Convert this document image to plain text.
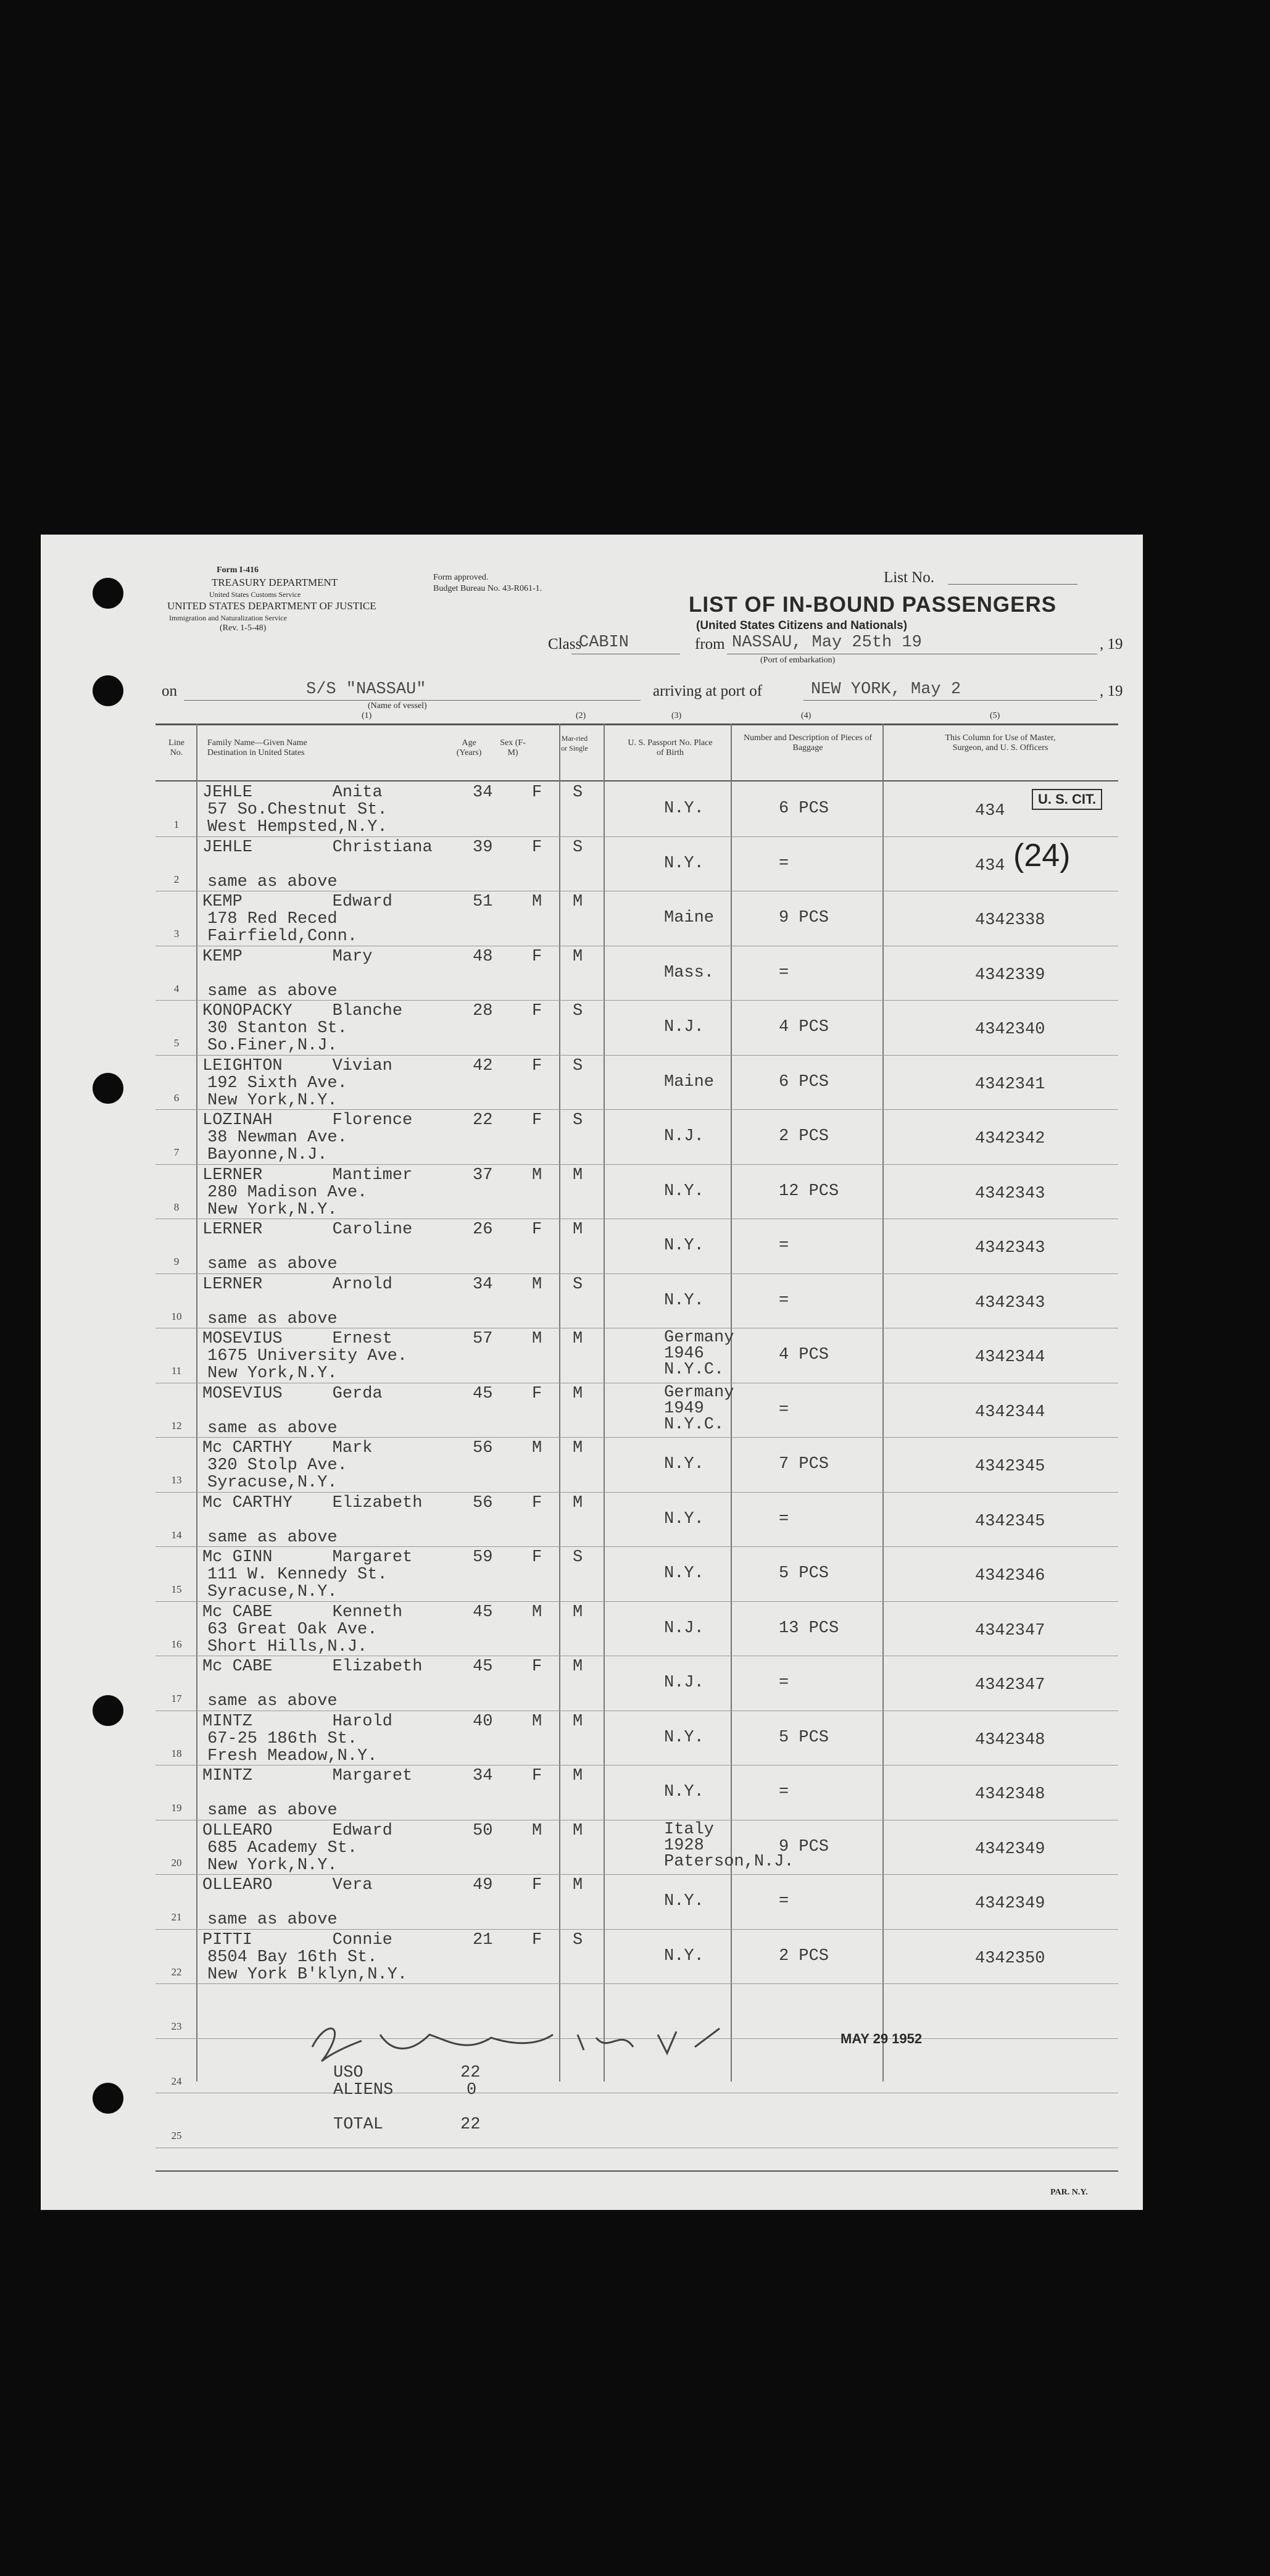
Form I-416
TREASURY DEPARTMENT
United States Customs Service
UNITED STATES DEPARTMENT OF JUSTICE
Immigration and Naturalization Service
(Rev. 1-5-48)
Form approved.
Budget Bureau No. 43-R061-1.
List No.
LIST OF IN-BOUND PASSENGERS
(United States Citizens and Nationals)
Class
CABIN	from NASSAU, May 25th 19	, 19
(Port of embarkation)
on	S/S "NASSAU"
(Name of vessel)
arriving at port of	NEW YORK, May 2	, 19
(1)	(2)	(3)	(4)	(5)
Line No.
Family Name—Given Name Destination in United States
Age (Years)
Sex (F-M)
Mar-ried or Single
U. S. Passport No. Place of Birth
Number and Description of Pieces of Baggage
This Column for Use of Master, Surgeon, and U. S. Officers
1
JEHLE        Anita
57 So.Chestnut St.
West Hempsted,N.Y.
34 F S
N.Y.	6 PCS	434
2
JEHLE        Christiana
same as above
39 F S
N.Y.	=	434
3
KEMP         Edward
178 Red Reced
Fairfield,Conn.
51 M M
Maine	9 PCS	4342338
4
KEMP         Mary
same as above
48 F M
Mass.	=	4342339
5
KONOPACKY    Blanche
30 Stanton St.
So.Finer,N.J.
28 F S
N.J.	4 PCS	4342340
6
LEIGHTON     Vivian
192 Sixth Ave.
New York,N.Y.
42 F S
Maine	6 PCS	4342341
7
LOZINAH      Florence
38 Newman Ave.
Bayonne,N.J.
22 F S
N.J.	2 PCS	4342342
8
LERNER       Mantimer
280 Madison Ave.
New York,N.Y.
37 M M
N.Y.	12 PCS	4342343
9
LERNER       Caroline
same as above
26 F M
N.Y.	=	4342343
10
LERNER       Arnold
same as above
34 M S
N.Y.	=	4342343
11
MOSEVIUS     Ernest
1675 University Ave.
New York,N.Y.
57 M M	Germany
1946
N.Y.C.
4 PCS	4342344
12
MOSEVIUS     Gerda
same as above
45 F M	Germany
1949
N.Y.C.
=	4342344
13
Mc CARTHY    Mark
320 Stolp Ave.
Syracuse,N.Y.
56 M M
N.Y.	7 PCS	4342345
14
Mc CARTHY    Elizabeth
same as above
56 F M
N.Y.	=	4342345
15
Mc GINN      Margaret
111 W. Kennedy St.
Syracuse,N.Y.
59 F S
N.Y.	5 PCS	4342346
16
Mc CABE      Kenneth
63 Great Oak Ave.
Short Hills,N.J.
45 M M
N.J.	13 PCS	4342347
17
Mc CABE      Elizabeth
same as above
45 F M
N.J.	=	4342347
18
MINTZ        Harold
67-25 186th St.
Fresh Meadow,N.Y.
40 M M
N.Y.	5 PCS	4342348
19
MINTZ        Margaret
same as above
34 F M
N.Y.	=	4342348
20
OLLEARO      Edward
685 Academy St.
New York,N.Y.
50 M M	Italy
1928
Paterson,N.J.
9 PCS	4342349
21
OLLEARO      Vera
same as above
49 F M
N.Y.	=	4342349
22
PITTI        Connie
8504 Bay 16th St.
New York B'klyn,N.Y.
21 F S
N.Y.	2 PCS	4342350
23
24
25
U. S. CIT.
(24)
MAY 29 1952
USO	22
ALIENS	0
TOTAL	22
PAR. N.Y.
